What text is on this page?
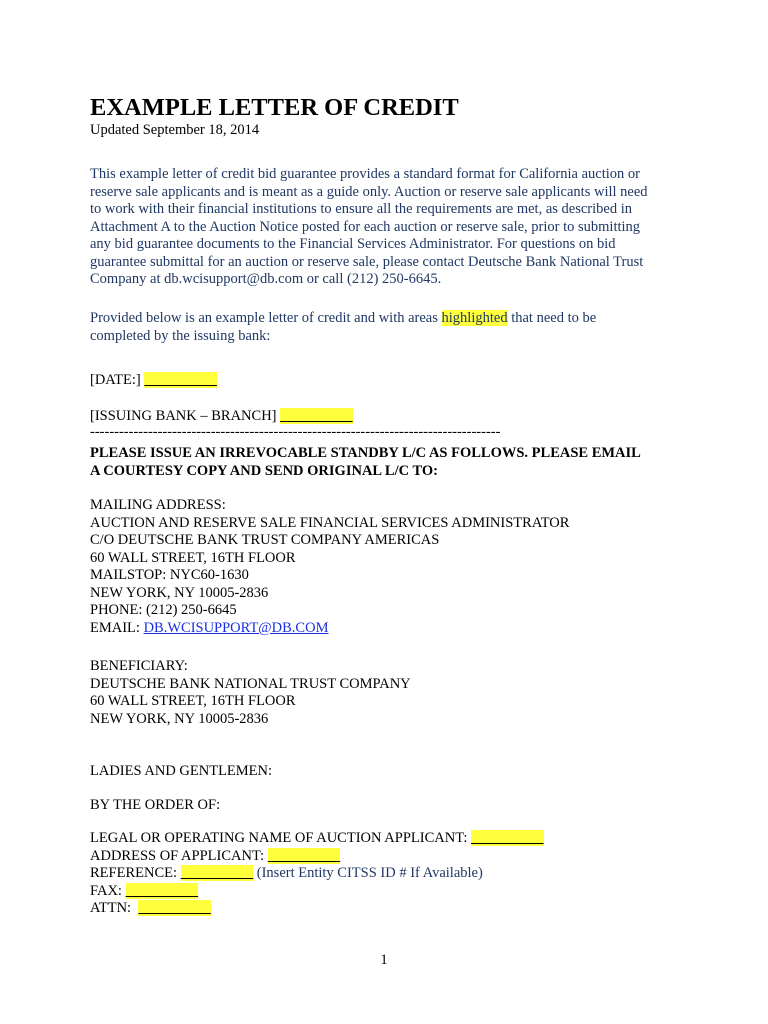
EXAMPLE LETTER OF CREDIT
Updated September 18, 2014
This example letter of credit bid guarantee provides a standard format for California auction or
reserve sale applicants and is meant as a guide only. Auction or reserve sale applicants will need
to work with their financial institutions to ensure all the requirements are met, as described in
Attachment A to the Auction Notice posted for each auction or reserve sale, prior to submitting
any bid guarantee documents to the Financial Services Administrator. For questions on bid
guarantee submittal for an auction or reserve sale, please contact Deutsche Bank National Trust
Company at db.wcisupport@db.com or call (212) 250-6645.
Provided below is an example letter of credit and with areas highlighted that need to be
completed by the issuing bank:
[DATE:]
[ISSUING BANK – BRANCH]
-------------------------------------------------------------------------------------
PLEASE ISSUE AN IRREVOCABLE STANDBY L/C AS FOLLOWS. PLEASE EMAIL
A COURTESY COPY AND SEND ORIGINAL L/C TO:
MAILING ADDRESS:
AUCTION AND RESERVE SALE FINANCIAL SERVICES ADMINISTRATOR
C/O DEUTSCHE BANK TRUST COMPANY AMERICAS
60 WALL STREET, 16TH FLOOR
MAILSTOP: NYC60-1630
NEW YORK, NY 10005-2836
PHONE: (212) 250-6645
EMAIL: DB.WCISUPPORT@DB.COM
BENEFICIARY:
DEUTSCHE BANK NATIONAL TRUST COMPANY
60 WALL STREET, 16TH FLOOR
NEW YORK, NY 10005-2836
LADIES AND GENTLEMEN:
BY THE ORDER OF:
LEGAL OR OPERATING NAME OF AUCTION APPLICANT:
ADDRESS OF APPLICANT:
REFERENCE:	(Insert Entity CITSS ID # If Available)
FAX:
ATTN:
1
